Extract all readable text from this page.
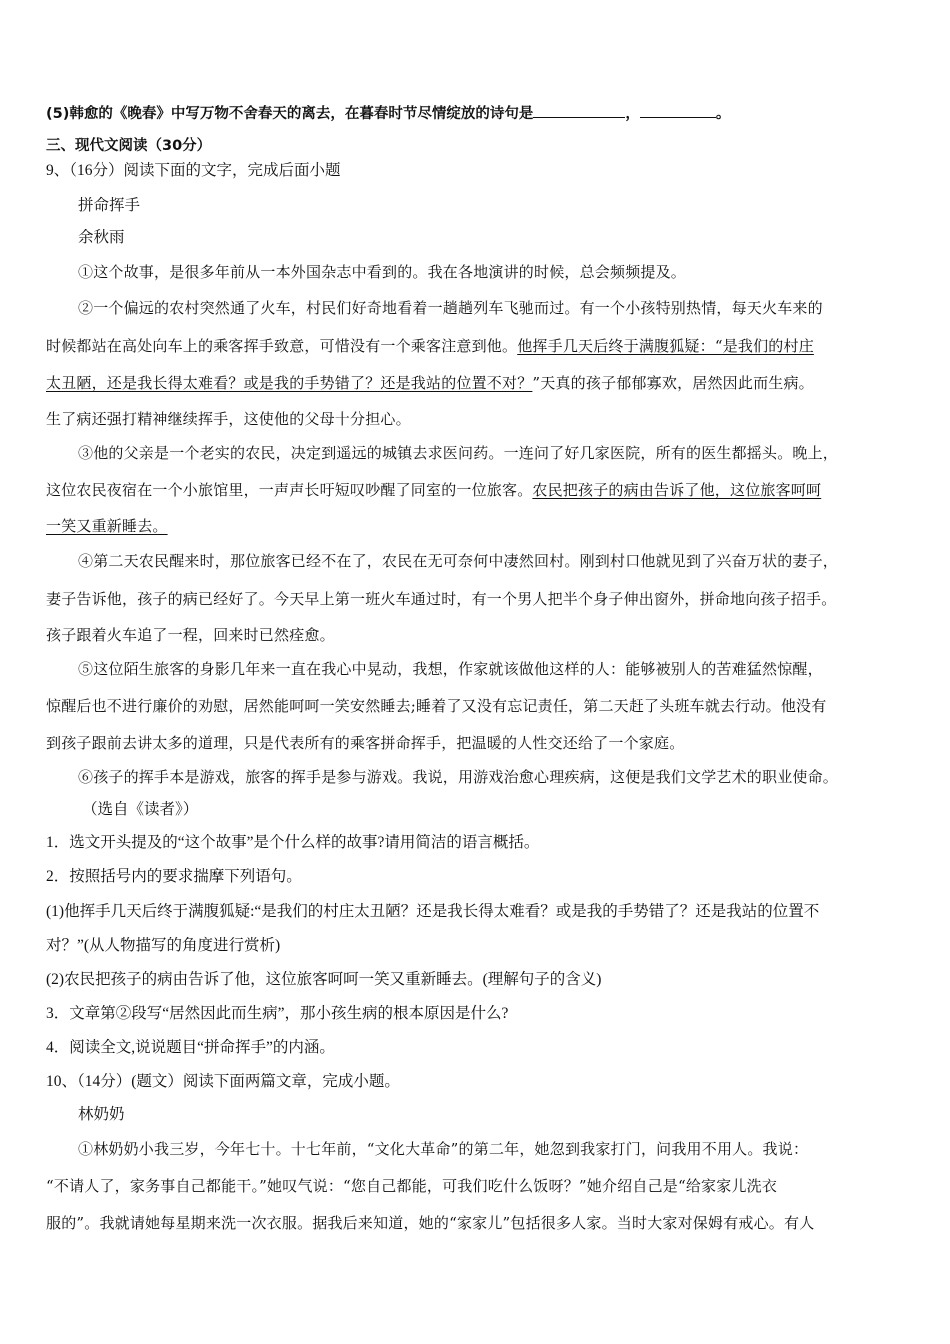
(5)韩愈的《晚春》中写万物不舍春天的离去，在暮春时节尽情绽放的诗句是	，	。
三、现代文阅读（30分）
9、（16分）阅读下面的文字，完成后面小题
拼命挥手
余秋雨
①这个故事，是很多年前从一本外国杂志中看到的。我在各地演讲的时候，总会频频提及。
②一个偏远的农村突然通了火车，村民们好奇地看着一趟趟列车飞驰而过。有一个小孩特别热情，每天火车来的
时候都站在高处向车上的乘客挥手致意，可惜没有一个乘客注意到他。他挥手几天后终于满腹狐疑：“是我们的村庄
太丑陋，还是我长得太难看？或是我的手势错了？还是我站的位置不对？”天真的孩子郁郁寡欢，居然因此而生病。
生了病还强打精神继续挥手，这使他的父母十分担心。
③他的父亲是一个老实的农民，决定到遥远的城镇去求医问药。一连问了好几家医院，所有的医生都摇头。晚上，
这位农民夜宿在一个小旅馆里，一声声长吁短叹吵醒了同室的一位旅客。农民把孩子的病由告诉了他，这位旅客呵呵
一笑又重新睡去。
④第二天农民醒来时，那位旅客已经不在了，农民在无可奈何中凄然回村。刚到村口他就见到了兴奋万状的妻子，
妻子告诉他，孩子的病已经好了。今天早上第一班火车通过时，有一个男人把半个身子伸出窗外，拼命地向孩子招手。
孩子跟着火车追了一程，回来时已然痊愈。
⑤这位陌生旅客的身影几年来一直在我心中晃动，我想，作家就该做他这样的人：能够被别人的苦难猛然惊醒，
惊醒后也不进行廉价的劝慰，居然能呵呵一笑安然睡去;睡着了又没有忘记责任，第二天赶了头班车就去行动。他没有
到孩子跟前去讲太多的道理，只是代表所有的乘客拼命挥手，把温暖的人性交还给了一个家庭。
⑥孩子的挥手本是游戏，旅客的挥手是参与游戏。我说，用游戏治愈心理疾病，这便是我们文学艺术的职业使命。
（选自《读者》）
1．选文开头提及的“这个故事”是个什么样的故事?请用简洁的语言概括。
2．按照括号内的要求揣摩下列语句。
(1)他挥手几天后终于满腹狐疑:“是我们的村庄太丑陋？还是我长得太难看？或是我的手势错了？还是我站的位置不
对？”(从人物描写的角度进行赏析)
(2)农民把孩子的病由告诉了他，这位旅客呵呵一笑又重新睡去。(理解句子的含义)
3．文章第②段写“居然因此而生病”，那小孩生病的根本原因是什么?
4．阅读全文,说说题目“拼命挥手”的内涵。
10、（14分）(题文）阅读下面两篇文章，完成小题。
林奶奶
①林奶奶小我三岁，今年七十。十七年前，“文化大革命”的第二年，她忽到我家打门，问我用不用人。我说：
“不请人了，家务事自己都能干。”她叹气说：“您自己都能，可我们吃什么饭呀？”她介绍自己是“给家家儿洗衣
服的”。我就请她每星期来洗一次衣服。据我后来知道，她的“家家儿”包括很多人家。当时大家对保姆有戒心。有人
